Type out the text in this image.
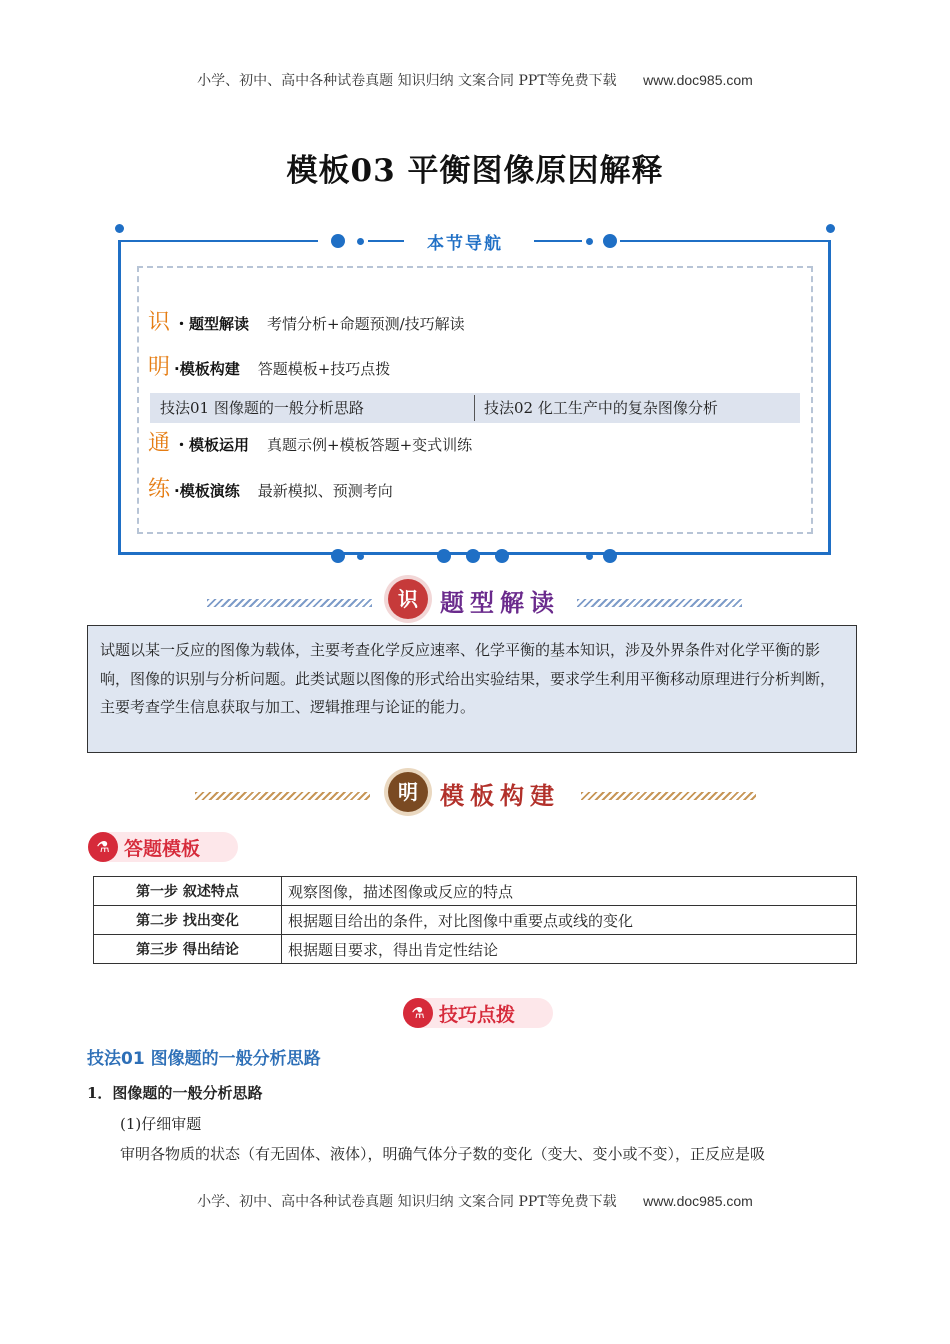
小学、初中、高中各种试卷真题 知识归纳 文案合同 PPT等免费下载 www.doc985.com
模板03 平衡图像原因解释
本节导航
识 ・题型解读 考情分析+命题预测/技巧解读
明 ·模板构建 答题模板+技巧点拨
技法01 图像题的一般分析思路	技法02 化工生产中的复杂图像分析
通 ・模板运用 真题示例+模板答题+变式训练
练 ·模板演练 最新模拟、预测考向
识 题型解读
试题以某一反应的图像为载体，主要考查化学反应速率、化学平衡的基本知识，涉及外界条件对化学平衡的影响，图像的识别与分析问题。此类试题以图像的形式给出实验结果，要求学生利用平衡移动原理进行分析判断，主要考查学生信息获取与加工、逻辑推理与论证的能力。
明 模板构建
⚗ 答题模板
第一步 叙述特点	观察图像，描述图像或反应的特点
第二步 找出变化	根据题目给出的条件，对比图像中重要点或线的变化
第三步 得出结论	根据题目要求，得出肯定性结论
⚗ 技巧点拨
技法01 图像题的一般分析思路
1．图像题的一般分析思路
(1)仔细审题
审明各物质的状态（有无固体、液体），明确气体分子数的变化（变大、变小或不变），正反应是吸
小学、初中、高中各种试卷真题 知识归纳 文案合同 PPT等免费下载 www.doc985.com
